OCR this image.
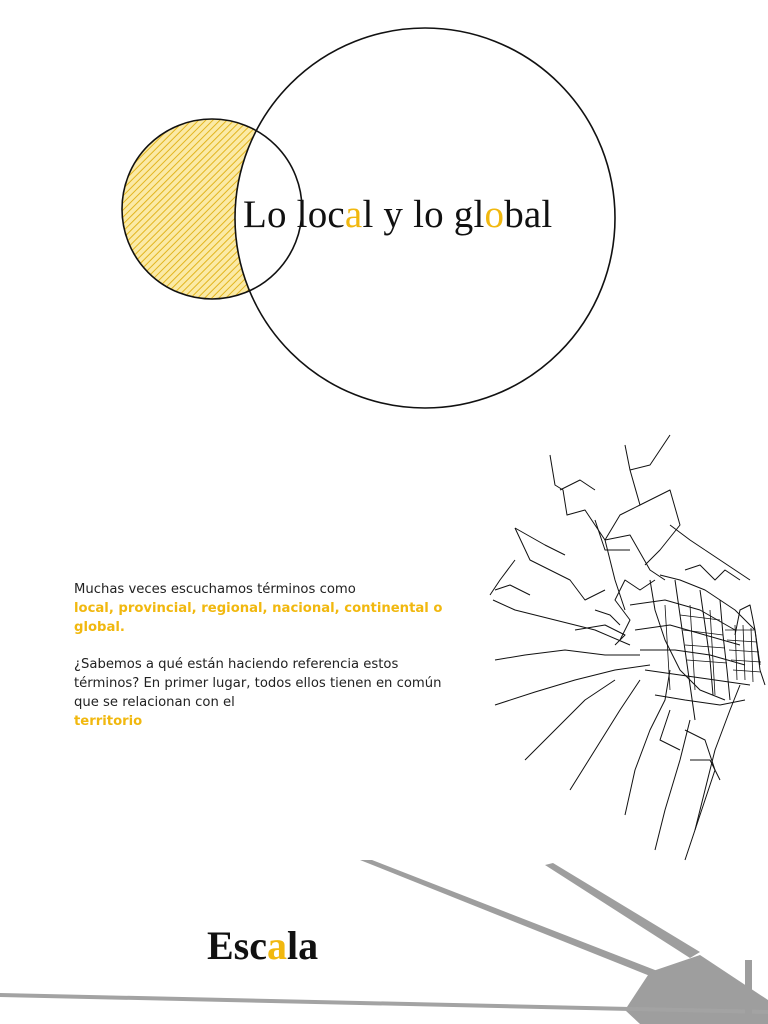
Lo local y lo global

Muchas veces escuchamos términos como
local, provincial, regional, nacional, continental o global.

¿Sabemos a qué están haciendo referencia estos términos? En primer lugar, todos ellos tienen en común que se relacionan con el
territorio

Escala
